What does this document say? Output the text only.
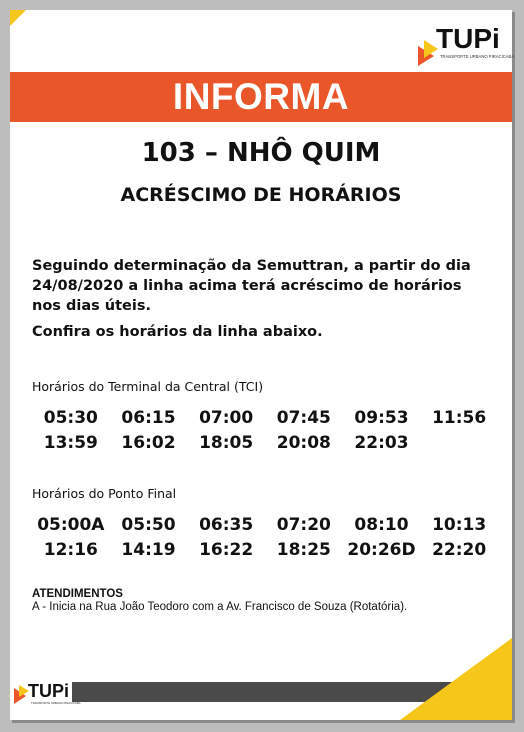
TUPi
TRANSPORTE URBANO PIRACICABA
INFORMA
103 – NHÔ QUIM
ACRÉSCIMO DE HORÁRIOS
Seguindo determinação da Semuttran, a partir do dia 24/08/2020 a linha acima terá acréscimo de horários nos dias úteis.
Confira os horários da linha abaixo.
Horários do Terminal da Central (TCI)
05:30	06:15	07:00	07:45	09:53	11:56
13:59	16:02	18:05	20:08	22:03
Horários do Ponto Final
05:00A 05:50	06:35	07:20	08:10	10:13
12:16	14:19	16:22	18:25 20:26D 22:20
ATENDIMENTOS
A - Inicia na Rua João Teodoro com a Av. Francisco de Souza (Rotatória).
TUPi
TRANSPORTE URBANO PIRACICABA
